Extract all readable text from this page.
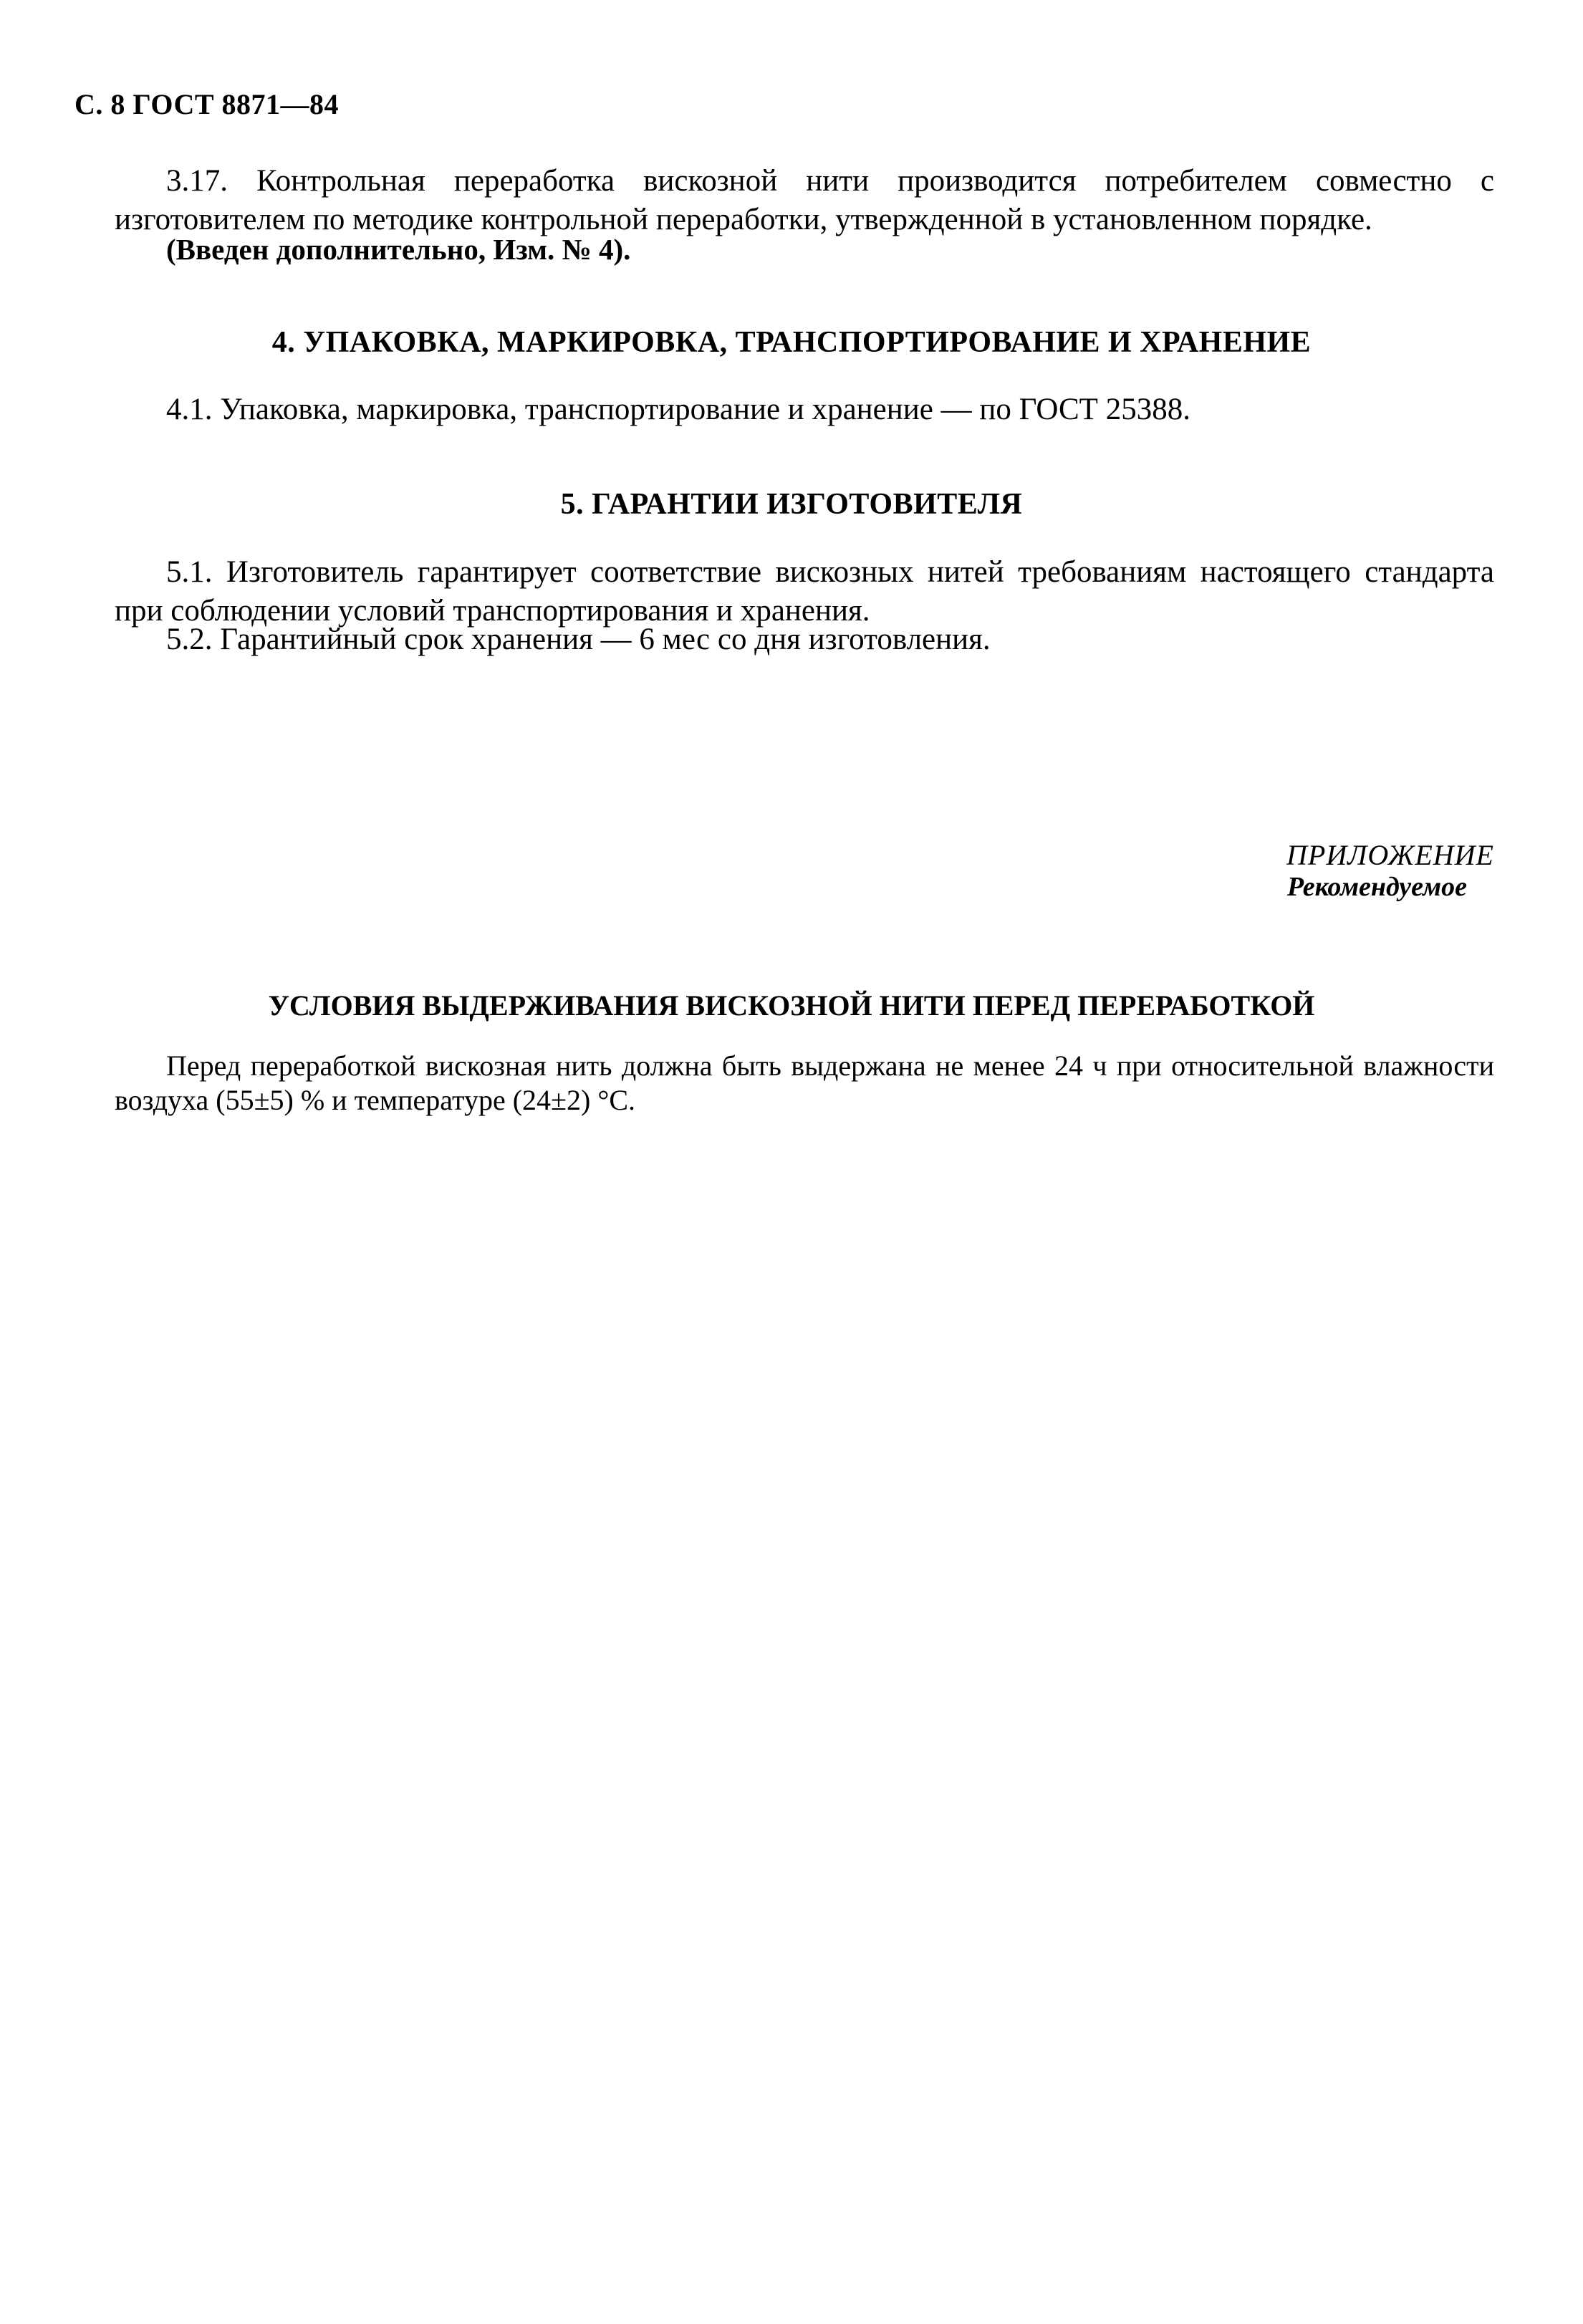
С. 8 ГОСТ 8871—84
3.17. Контрольная переработка вискозной нити производится потребителем совместно с изготовителем по методике контрольной переработки, утвержденной в установленном порядке.
(Введен дополнительно, Изм. № 4).
4. УПАКОВКА, МАРКИРОВКА, ТРАНСПОРТИРОВАНИЕ И ХРАНЕНИЕ
4.1. Упаковка, маркировка, транспортирование и хранение — по ГОСТ 25388.
5. ГАРАНТИИ ИЗГОТОВИТЕЛЯ
5.1. Изготовитель гарантирует соответствие вискозных нитей требованиям настоящего стандарта при соблюдении условий транспортирования и хранения.
5.2. Гарантийный срок хранения — 6 мес со дня изготовления.
ПРИЛОЖЕНИЕ
Рекомендуемое
УСЛОВИЯ ВЫДЕРЖИВАНИЯ ВИСКОЗНОЙ НИТИ ПЕРЕД ПЕРЕРАБОТКОЙ
Перед переработкой вискозная нить должна быть выдержана не менее 24 ч при относительной влажности воздуха (55±5) % и температуре (24±2) °С.
